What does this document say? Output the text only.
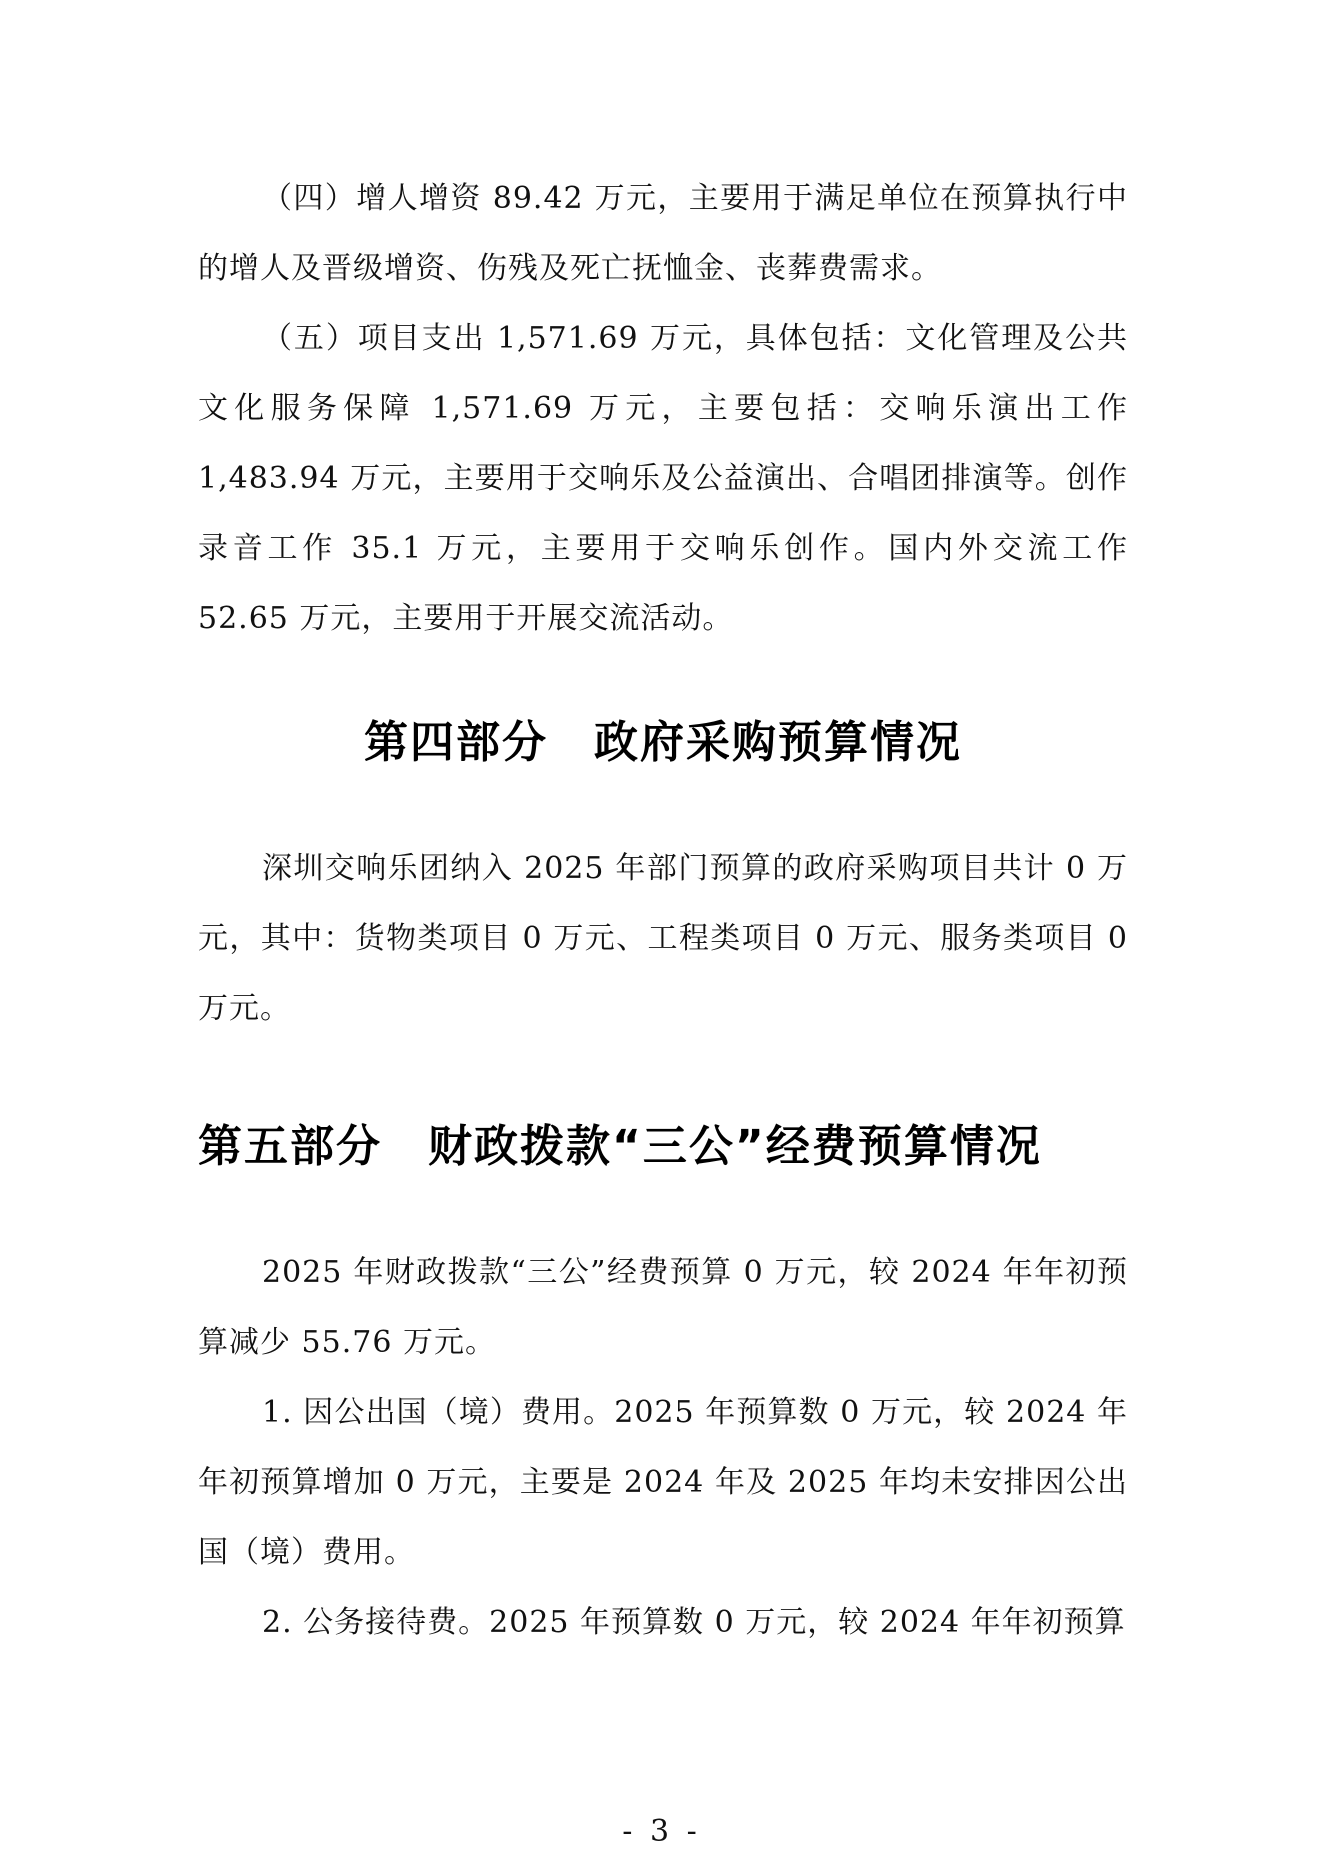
（四）增人增资 89.42 万元，主要用于满足单位在预算执行中的增人及晋级增资、伤残及死亡抚恤金、丧葬费需求。

（五）项目支出 1,571.69 万元，具体包括：文化管理及公共文化服务保障 1,571.69 万元，主要包括：交响乐演出工作 1,483.94 万元，主要用于交响乐及公益演出、合唱团排演等。创作录音工作 35.1 万元，主要用于交响乐创作。国内外交流工作 52.65 万元，主要用于开展交流活动。

第四部分　政府采购预算情况

深圳交响乐团纳入 2025 年部门预算的政府采购项目共计 0 万元，其中：货物类项目 0 万元、工程类项目 0 万元、服务类项目 0 万元。

第五部分　财政拨款“三公”经费预算情况

2025 年财政拨款“三公”经费预算 0 万元，较 2024 年年初预算减少 55.76 万元。

1. 因公出国（境）费用。2025 年预算数 0 万元，较 2024 年年初预算增加 0 万元，主要是 2024 年及 2025 年均未安排因公出国（境）费用。

2. 公务接待费。2025 年预算数 0 万元，较 2024 年年初预算

- 3 -
